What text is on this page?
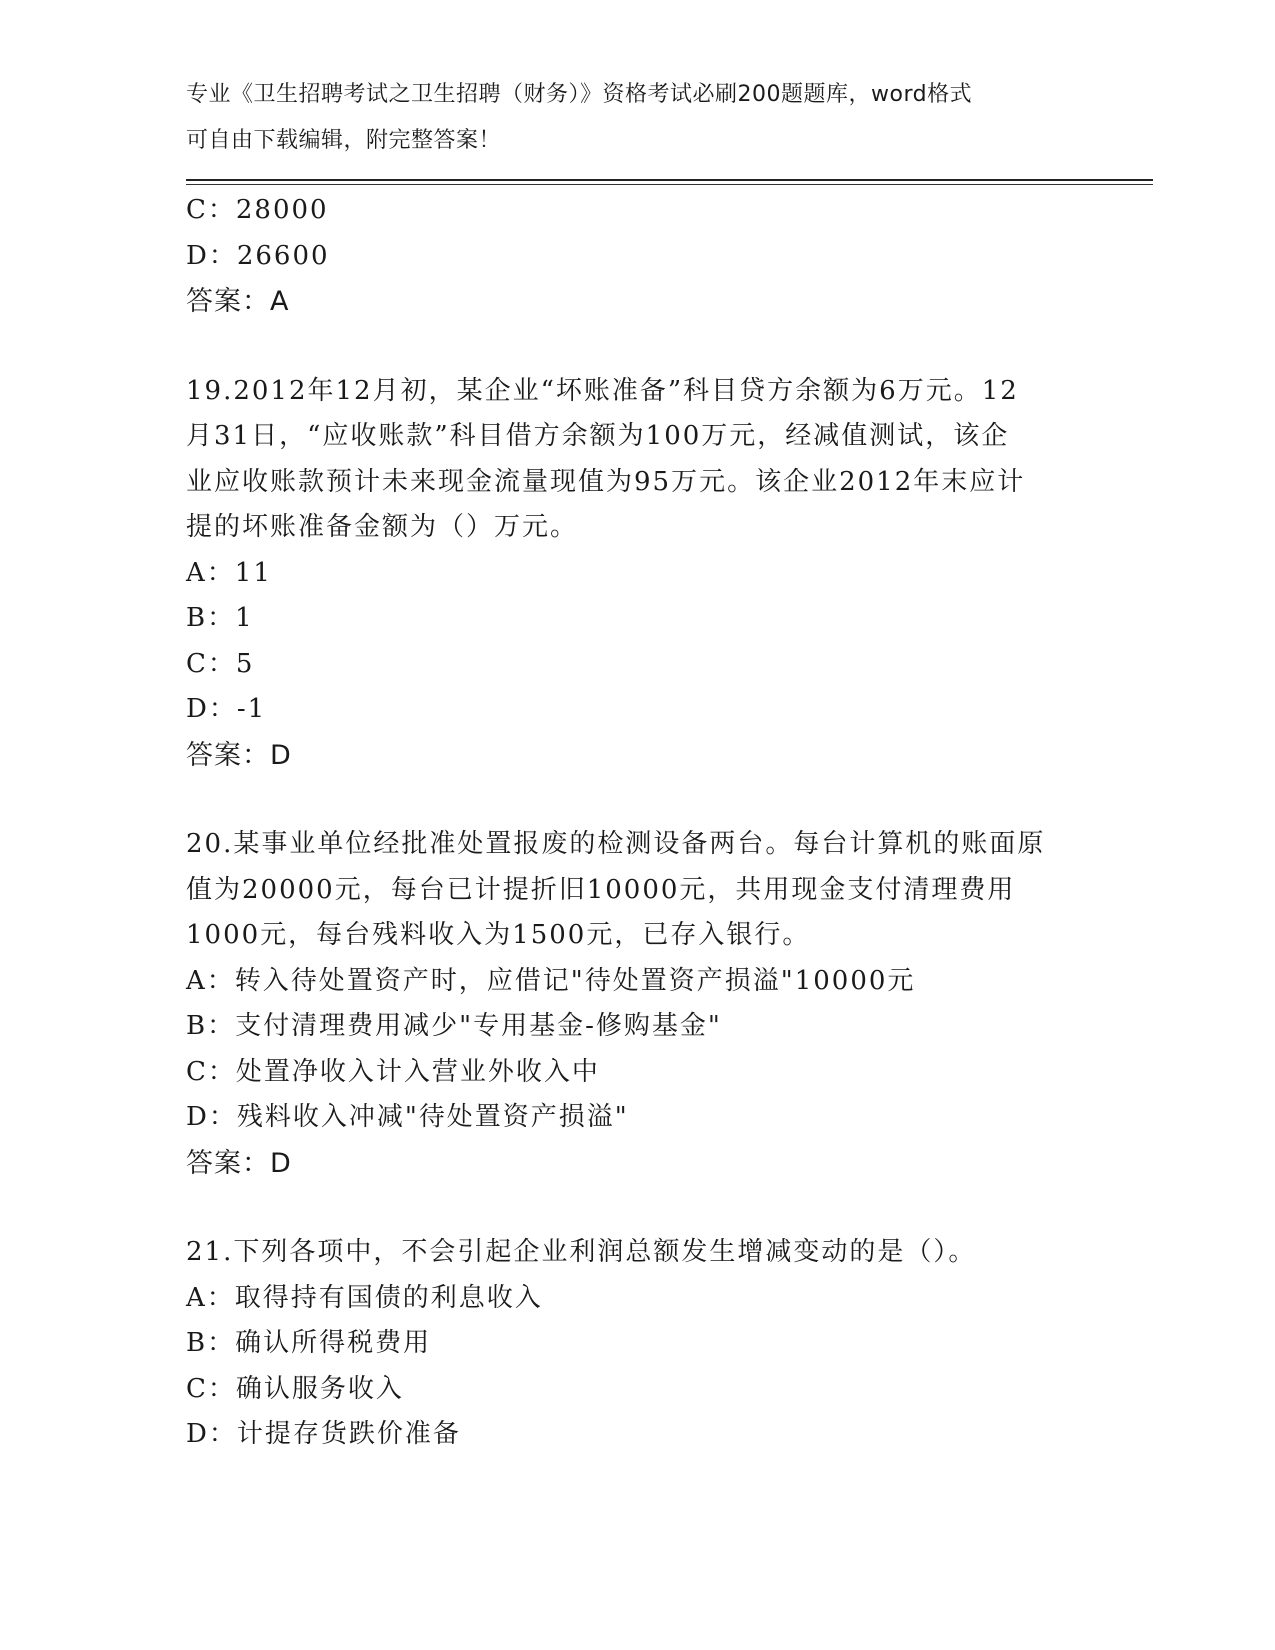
专业《卫生招聘考试之卫生招聘（财务）》资格考试必刷200题题库，word格式
可自由下载编辑，附完整答案！
C：28000
D：26600
答案：A
19.2012年12月初，某企业“坏账准备”科目贷方余额为6万元。12
月31日，“应收账款”科目借方余额为100万元，经减值测试，该企
业应收账款预计未来现金流量现值为95万元。该企业2012年末应计
提的坏账准备金额为（）万元。
A：11
B：1
C：5
D：-1
答案：D
20.某事业单位经批准处置报废的检测设备两台。每台计算机的账面原
值为20000元，每台已计提折旧10000元，共用现金支付清理费用
1000元，每台残料收入为1500元，已存入银行。
A：转入待处置资产时，应借记"待处置资产损溢"10000元
B：支付清理费用减少"专用基金-修购基金"
C：处置净收入计入营业外收入中
D：残料收入冲减"待处置资产损溢"
答案：D
21.下列各项中，不会引起企业利润总额发生增减变动的是（）。
A：取得持有国债的利息收入
B：确认所得税费用
C：确认服务收入
D：计提存货跌价准备
